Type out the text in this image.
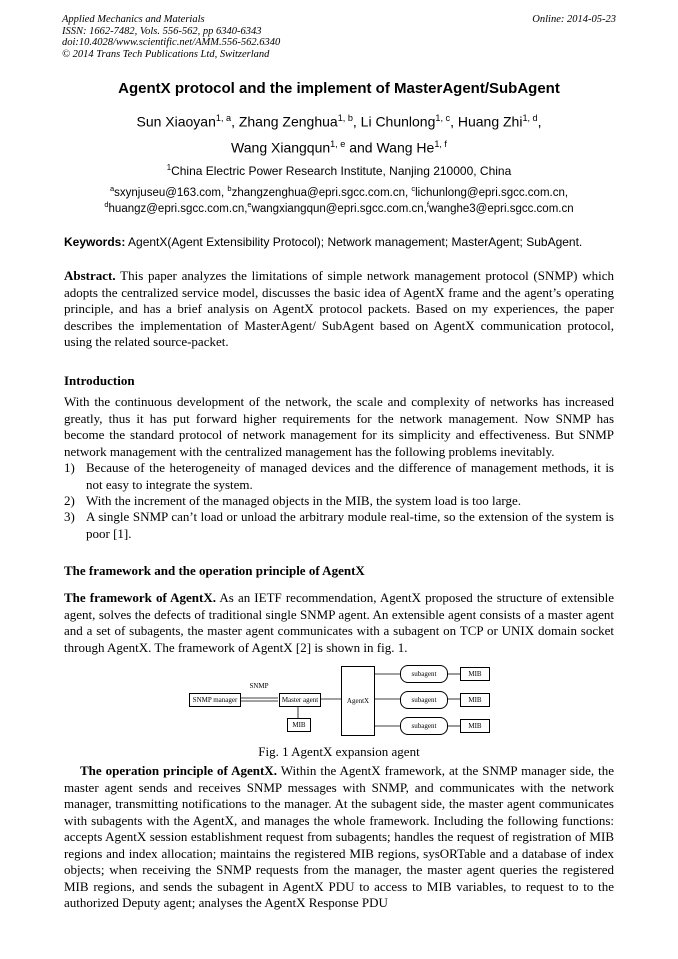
Applied Mechanics and Materials
ISSN: 1662-7482, Vols. 556-562, pp 6340-6343
doi:10.4028/www.scientific.net/AMM.556-562.6340
© 2014 Trans Tech Publications Ltd, Switzerland
Online: 2014-05-23
AgentX protocol and the implement of MasterAgent/SubAgent
Sun Xiaoyan$^{1, a}$, Zhang Zenghua$^{1, b}$, Li Chunlong$^{1, c}$, Huang Zhi$^{1, d}$,
Wang Xiangqun$^{1, e}$ and Wang He$^{1, f}$
$^1$China Electric Power Research Institute, Nanjing 210000, China
$^a$sxynjuseu@163.com, $^b$zhangzenghua@epri.sgcc.com.cn, $^c$lichunlong@epri.sgcc.com.cn,
$^d$huangz@epri.sgcc.com.cn,$^e$wangxiangqun@epri.sgcc.com.cn,$^f$wanghe3@epri.sgcc.com.cn
Keywords: AgentX(Agent Extensibility Protocol); Network management; MasterAgent; SubAgent.
Abstract. This paper analyzes the limitations of simple network management protocol (SNMP) which adopts the centralized service model, discusses the basic idea of AgentX frame and the agent’s operating principle, and has a brief analysis on AgentX protocol packets. Based on my experiences, the paper describes the implementation of MasterAgent/ SubAgent based on AgentX communication protocol, using the related source-packet.
Introduction
With the continuous development of the network, the scale and complexity of networks has increased greatly, thus it has put forward higher requirements for the network management. Now SNMP has become the standard protocol of network management for its simplicity and effectiveness. But SNMP network management with the centralized management has the following problems inevitably.
1) Because of the heterogeneity of managed devices and the difference of management methods, it is not easy to integrate the system.
2) With the increment of the managed objects in the MIB, the system load is too large.
3) A single SNMP can’t load or unload the arbitrary module real-time, so the extension of the system is poor [1].
The framework and the operation principle of AgentX
The framework of AgentX. As an IETF recommendation, AgentX proposed the structure of extensible agent, solves the defects of traditional single SNMP agent. An extensible agent consists of a master agent and a set of subagents, the master agent communicates with a subagent on TCP or UNIX domain socket through AgentX. The framework of AgentX [2] is shown in fig. 1.
SNMP
SNMP manager	Master agent
MIB
AgentX
subagent
subagent
subagent
MIB
MIB
MIB
Fig. 1 AgentX expansion agent
The operation principle of AgentX. Within the AgentX framework, at the SNMP manager side, the master agent sends and receives SNMP messages with SNMP, and communicates with the network manager, transmitting notifications to the manager. At the subagent side, the master agent communicates with subagents with the AgentX, and manages the whole framework. Including the following functions: accepts AgentX session establishment request from subagents; handles the request of registration of MIB regions and index allocation; maintains the registered MIB regions, sysORTable and a database of index objects; when receiving the SNMP requests from the manager, the master agent queries the registered MIB regions, and sends the subagent in AgentX PDU to access to MIB variables, to request to to the authorized Deputy agent; analyses the AgentX Response PDU
